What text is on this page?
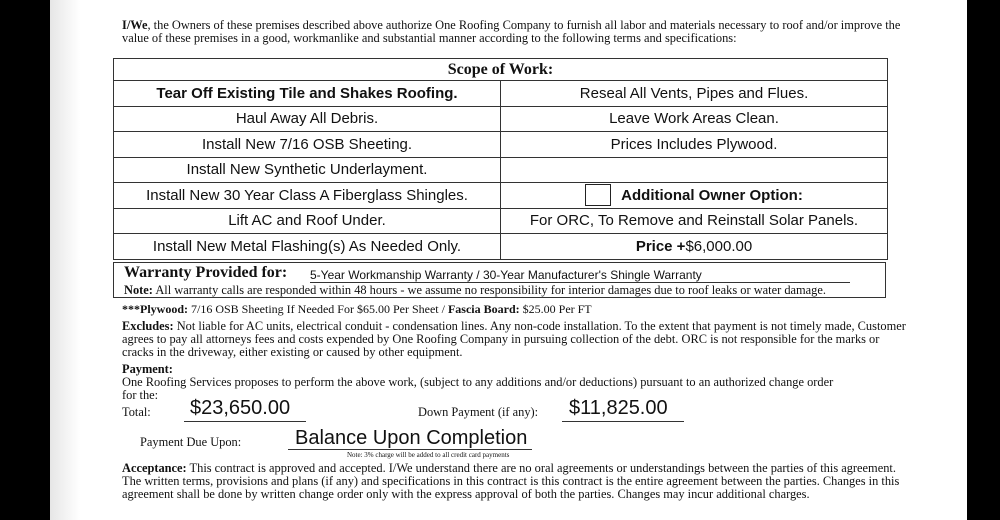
I/We, the Owners of these premises described above authorize One Roofing Company to furnish all labor and materials necessary to roof and/or improve the value of these premises in a good, workmanlike and substantial manner according to the following terms and specifications:
Scope of Work:
Tear Off Existing Tile and Shakes Roofing.	Reseal All Vents, Pipes and Flues.
Haul Away All Debris.	Leave Work Areas Clean.
Install New 7/16 OSB Sheeting.	Prices Includes Plywood.
Install New Synthetic Underlayment.
Install New 30 Year Class A Fiberglass Shingles.	Additional Owner Option:
Lift AC and Roof Under.	For ORC, To Remove and Reinstall Solar Panels.
Install New Metal Flashing(s) As Needed Only.	Price + $6,000.00
Warranty Provided for: 5-Year Workmanship Warranty / 30-Year Manufacturer's Shingle Warranty
Note: All warranty calls are responded within 48 hours - we assume no responsibility for interior damages due to roof leaks or water damage.
***Plywood: 7/16 OSB Sheeting If Needed For $65.00 Per Sheet / Fascia Board: $25.00 Per FT
Excludes: Not liable for AC units, electrical conduit - condensation lines. Any non-code installation. To the extent that payment is not timely made, Customer agrees to pay all attorneys fees and costs expended by One Roofing Company in pursuing collection of the debt. ORC is not responsible for the marks or cracks in the driveway, either existing or caused by other equipment.
Payment:
One Roofing Services proposes to perform the above work, (subject to any additions and/or deductions) pursuant to an authorized change order for the:
Total: $23,650.00	Down Payment (if any): $11,825.00
Payment Due Upon:	Balance Upon Completion
Note: 3% charge will be added to all credit card payments
Acceptance: This contract is approved and accepted. I/We understand there are no oral agreements or understandings between the parties of this agreement. The written terms, provisions and plans (if any) and specifications in this contract is this contract is the entire agreement between the parties. Changes in this agreement shall be done by written change order only with the express approval of both the parties. Changes may incur additional charges.
